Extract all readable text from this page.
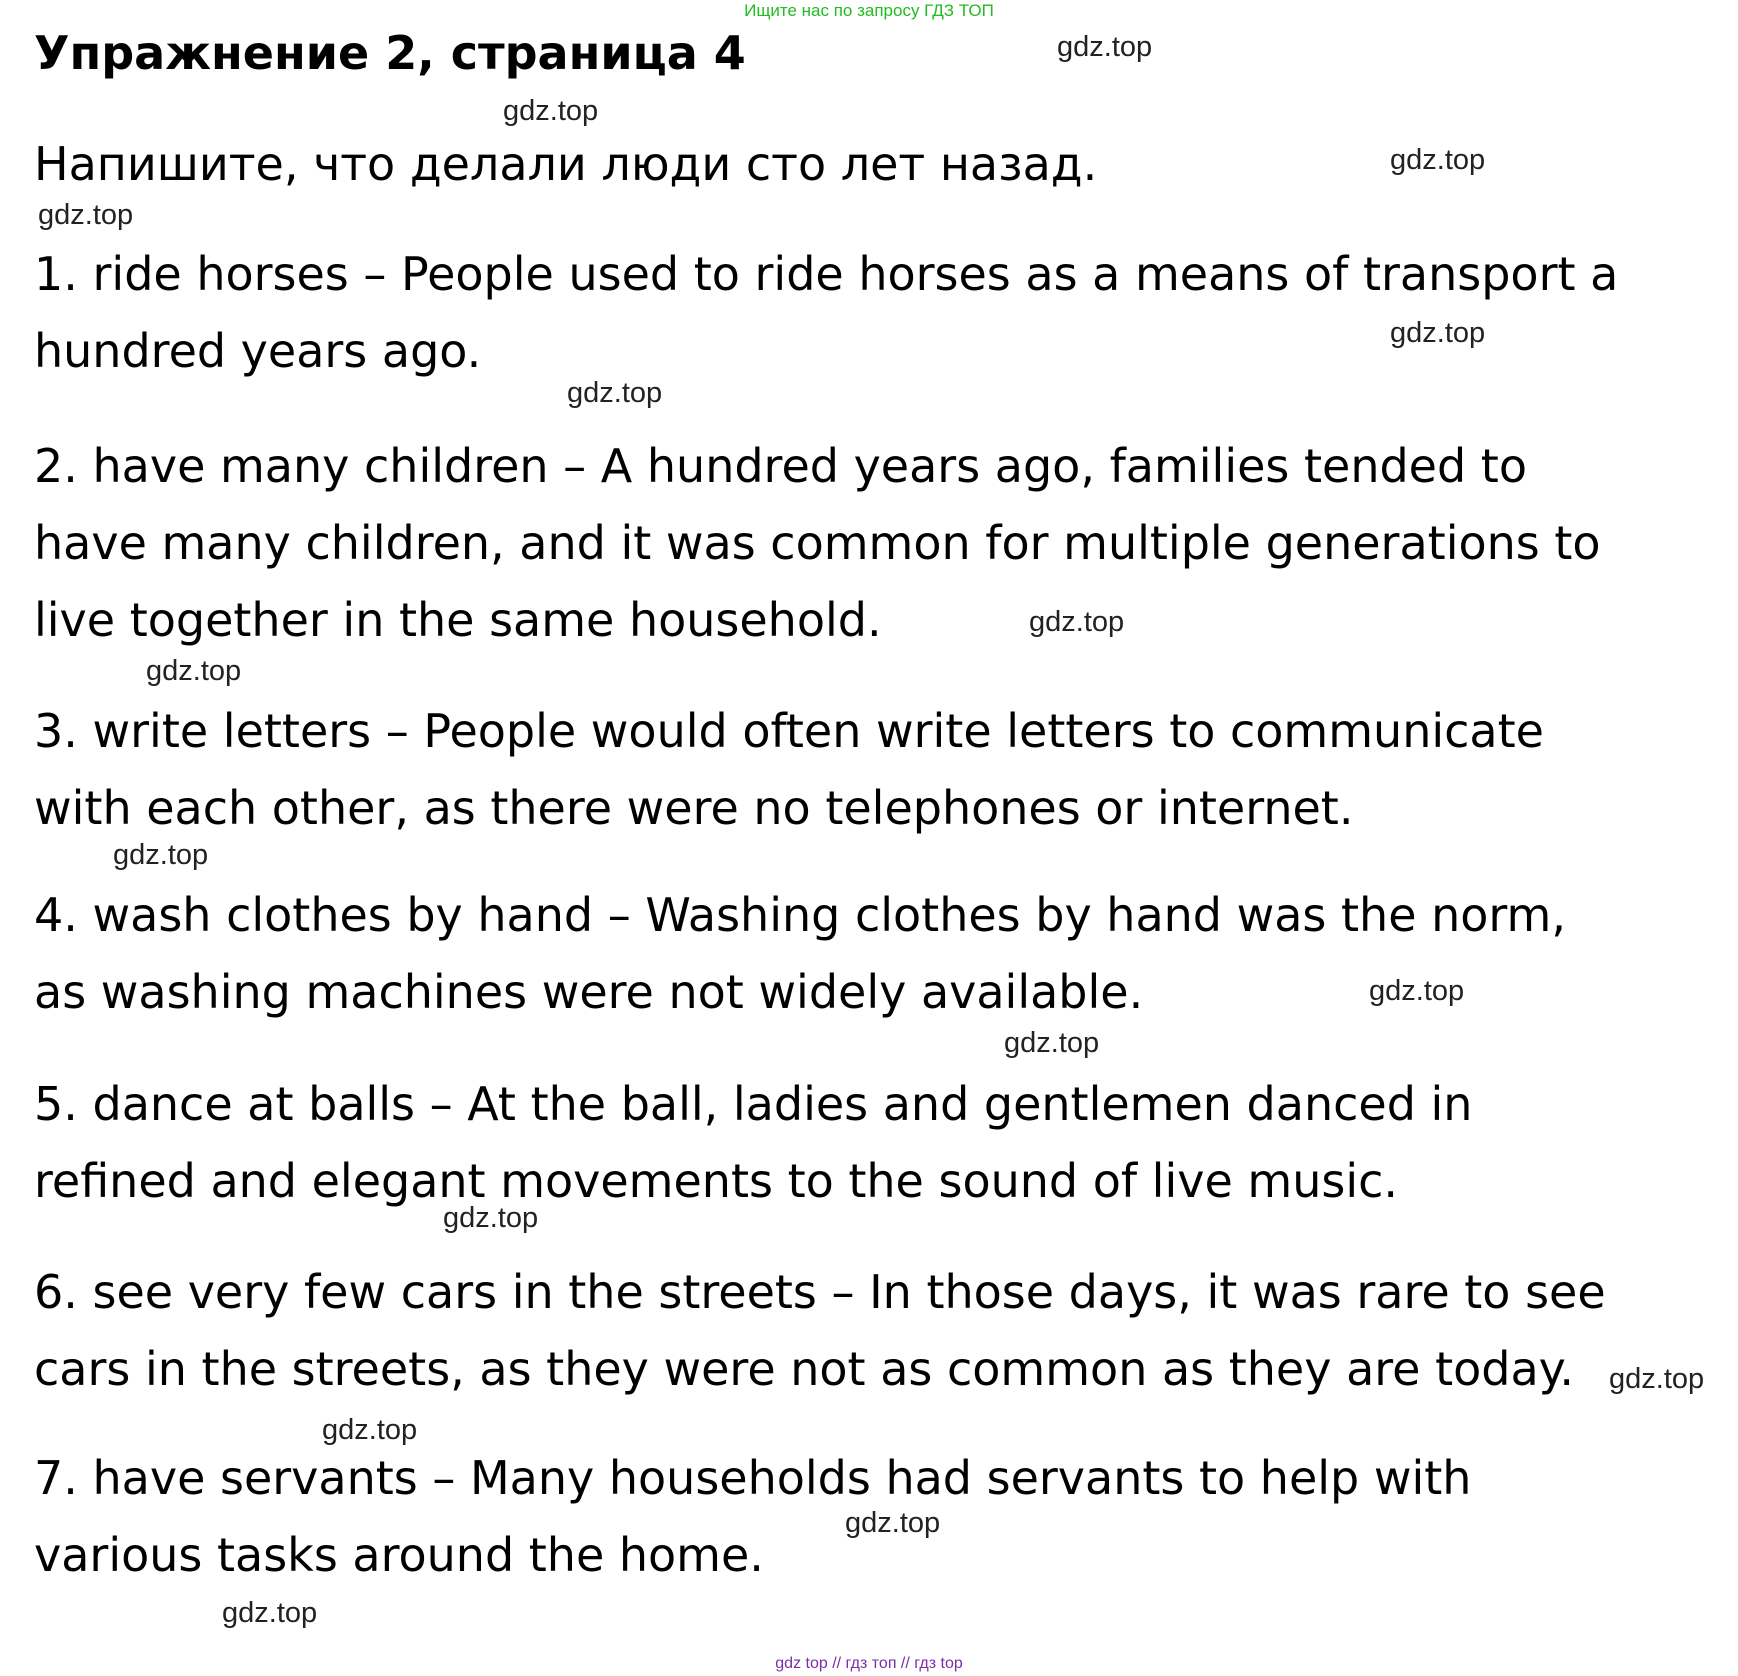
Ищите нас по запросу ГДЗ ТОП
Упражнение 2, страница 4

Напишите, что делали люди сто лет назад.

1. ride horses – People used to ride horses as a means of transport a
hundred years ago.
2. have many children – A hundred years ago, families tended to
have many children, and it was common for multiple generations to
live together in the same household.
3. write letters – People would often write letters to communicate
with each other, as there were no telephones or internet.
4. wash clothes by hand – Washing clothes by hand was the norm,
as washing machines were not widely available.
5. dance at balls – At the ball, ladies and gentlemen danced in
refined and elegant movements to the sound of live music.
6. see very few cars in the streets – In those days, it was rare to see
cars in the streets, as they were not as common as they are today.
7. have servants – Many households had servants to help with
various tasks around the home.
gdz.top
gdz.top
gdz.top
gdz.top
gdz.top
gdz.top
gdz.top
gdz.top
gdz.top
gdz.top
gdz.top
gdz.top
gdz.top
gdz.top
gdz.top
gdz.top
gdz top // гдз топ // гдз top
